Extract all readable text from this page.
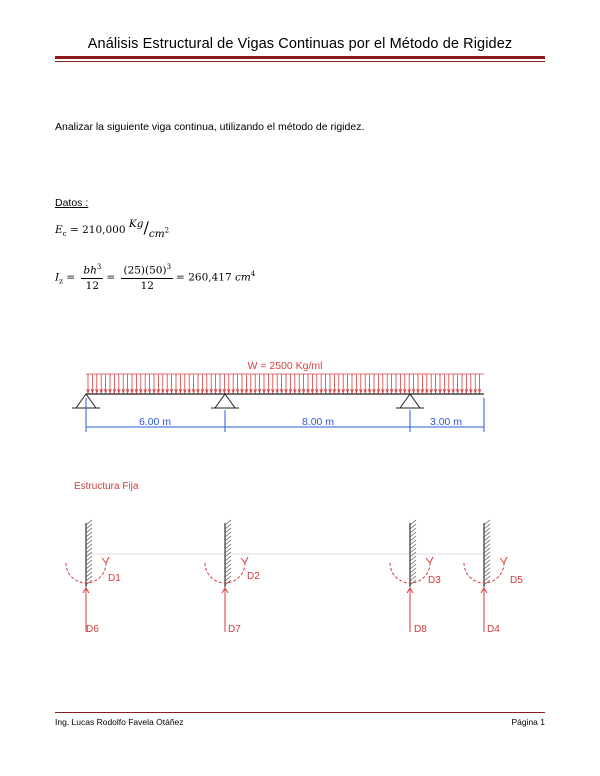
Análisis Estructural de Vigas Continuas por el Método de Rigidez
Analizar la siguiente viga continua, utilizando el método de rigidez.
Datos :
$E_c = 210,000$ $Kg/cm^2$
$I_z = \frac{bh^3}{12} = \frac{(25)(50)^3}{12} = 260,417$ $cm^4$
W = 2500 Kg/ml
6.00 m	8.00 m	3.00 m
Estructura Fija
D1	D2	D3	D5
D6	D7	D8	D4
Ing. Lucas Rodolfo Favela Otáñez	Página 1
